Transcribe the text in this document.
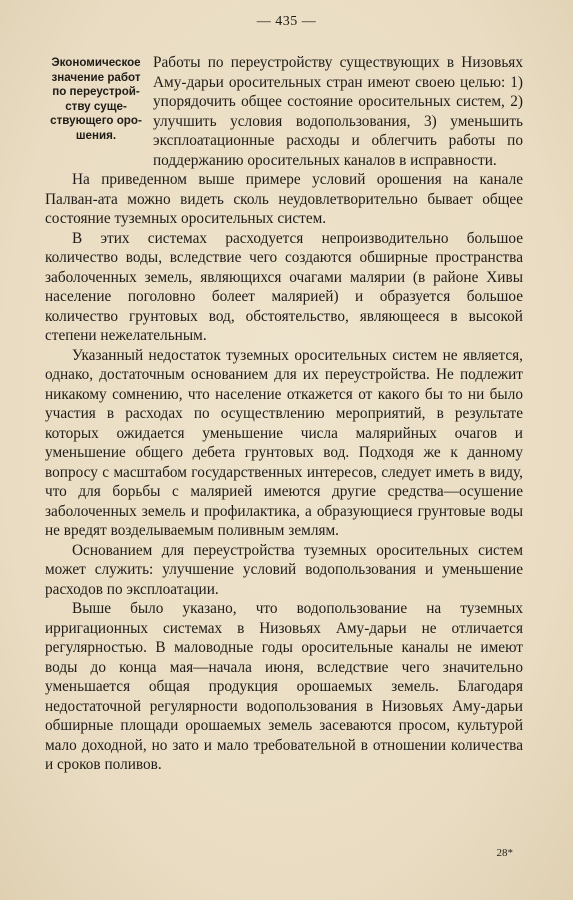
— 435 —
Экономическое
значение работ
по переустрой-
ству суще-
ствующего оро-
шения.

Работы по переустройству существующих в Низовьях Аму-дарьи оросительных стран имеют своею целью: 1) упорядочить общее состояние оросительных систем, 2) улучшить условия водопользования, 3) уменьшить эксплоатационные расходы и облегчить работы по поддержанию оросительных каналов в исправности.

На приведенном выше примере условий орошения на канале Палван-ата можно видеть сколь неудовлетворительно бывает общее состояние туземных оросительных систем.

В этих системах расходуется непроизводительно большое количество воды, вследствие чего создаются обширные пространства заболоченных земель, являющихся очагами малярии (в районе Хивы население поголовно болеет малярией) и образуется большое количество грунтовых вод, обстоятельство, являющееся в высокой степени нежелательным.

Указанный недостаток туземных оросительных систем не является, однако, достаточным основанием для их переустройства. Не подлежит никакому сомнению, что население откажется от какого бы то ни было участия в расходах по осуществлению мероприятий, в результате которых ожидается уменьшение числа малярийных очагов и уменьшение общего дебета грунтовых вод. Подходя же к данному вопросу с масштабом государственных интересов, следует иметь в виду, что для борьбы с малярией имеются другие средства—осушение заболоченных земель и профилактика, а образующиеся грунтовые воды не вредят возделываемым поливным землям.

Основанием для переустройства туземных оросительных систем может служить: улучшение условий водопользования и уменьшение расходов по эксплоатации.

Выше было указано, что водопользование на туземных ирригационных системах в Низовьях Аму-дарьи не отличается регулярностью. В маловодные годы оросительные каналы не имеют воды до конца мая—начала июня, вследствие чего значительно уменьшается общая продукция орошаемых земель. Благодаря недостаточной регулярности водопользования в Низовьях Аму-дарьи обширные площади орошаемых земель засеваются просом, культурой мало доходной, но зато и мало требовательной в отношении количества и сроков поливов.

28*
